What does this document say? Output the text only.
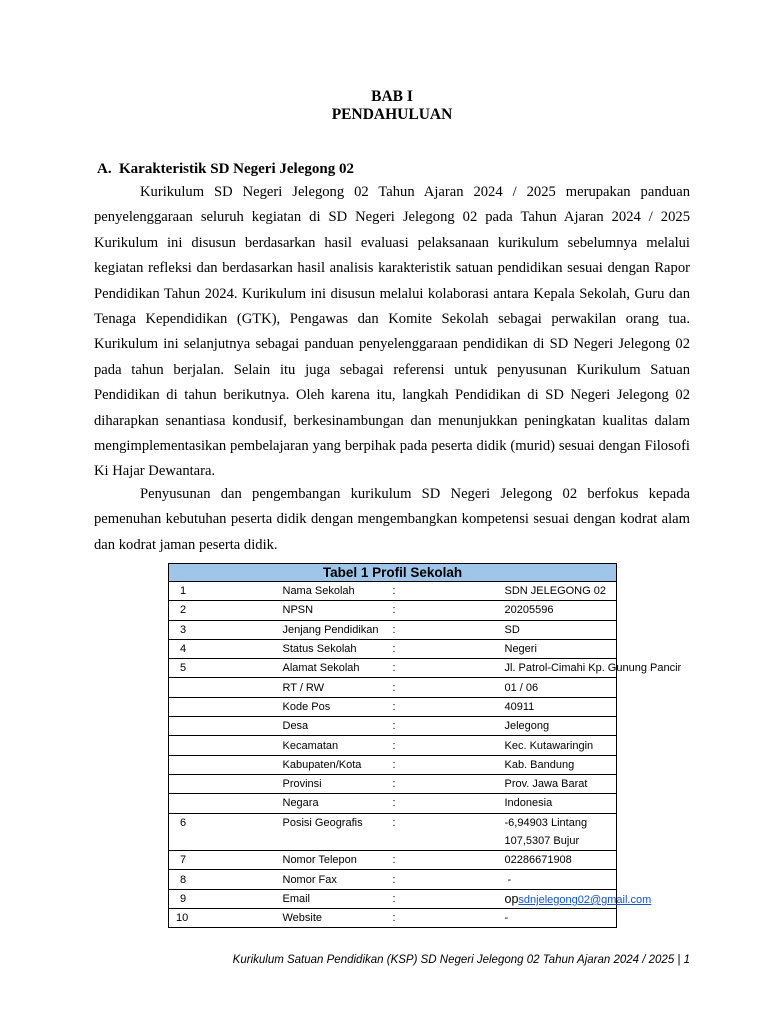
BAB I
PENDAHULUAN
A. Karakteristik SD Negeri Jelegong 02

Kurikulum SD Negeri Jelegong 02 Tahun Ajaran 2024 / 2025 merupakan panduan penyelenggaraan seluruh kegiatan di SD Negeri Jelegong 02 pada Tahun Ajaran 2024 / 2025 Kurikulum ini disusun berdasarkan hasil evaluasi pelaksanaan kurikulum sebelumnya melalui kegiatan refleksi dan berdasarkan hasil analisis karakteristik satuan pendidikan sesuai dengan Rapor Pendidikan Tahun 2024. Kurikulum ini disusun melalui kolaborasi antara Kepala Sekolah, Guru dan Tenaga Kependidikan (GTK), Pengawas dan Komite Sekolah sebagai perwakilan orang tua. Kurikulum ini selanjutnya sebagai panduan penyelenggaraan pendidikan di SD Negeri Jelegong 02 pada tahun berjalan. Selain itu juga sebagai referensi untuk penyusunan Kurikulum Satuan Pendidikan di tahun berikutnya. Oleh karena itu, langkah Pendidikan di SD Negeri Jelegong 02 diharapkan senantiasa kondusif, berkesinambungan dan menunjukkan peningkatan kualitas dalam mengimplementasikan pembelajaran yang berpihak pada peserta didik (murid) sesuai dengan Filosofi Ki Hajar Dewantara.

Penyusunan dan pengembangan kurikulum SD Negeri Jelegong 02 berfokus kepada pemenuhan kebutuhan peserta didik dengan mengembangkan kompetensi sesuai dengan kodrat alam dan kodrat jaman peserta didik.

Tabel 1 Profil Sekolah			
1	Nama Sekolah	:	SDN JELEGONG 02
2	NPSN	:	20205596
3	Jenjang Pendidikan	:	SD
4	Status Sekolah	:	Negeri
5	Alamat Sekolah	:	Jl. Patrol-Cimahi Kp. Gunung Pancir
	RT / RW	:	01 / 06
	Kode Pos	:	40911
	Desa	:	Jelegong
	Kecamatan	:	Kec. Kutawaringin
	Kabupaten/Kota	:	Kab. Bandung
	Provinsi	:	Prov. Jawa Barat
	Negara	:	Indonesia
6	Posisi Geografis	:	-6,94903 Lintang
			107,5307 Bujur
7	Nomor Telepon	:	02286671908
8	Nomor Fax	:	-
9	Email	:	opsdnjelegong02@gmail.com
10	Website	:	-
Kurikulum Satuan Pendidikan (KSP) SD Negeri Jelegong 02 Tahun Ajaran 2024 / 2025 | 1
